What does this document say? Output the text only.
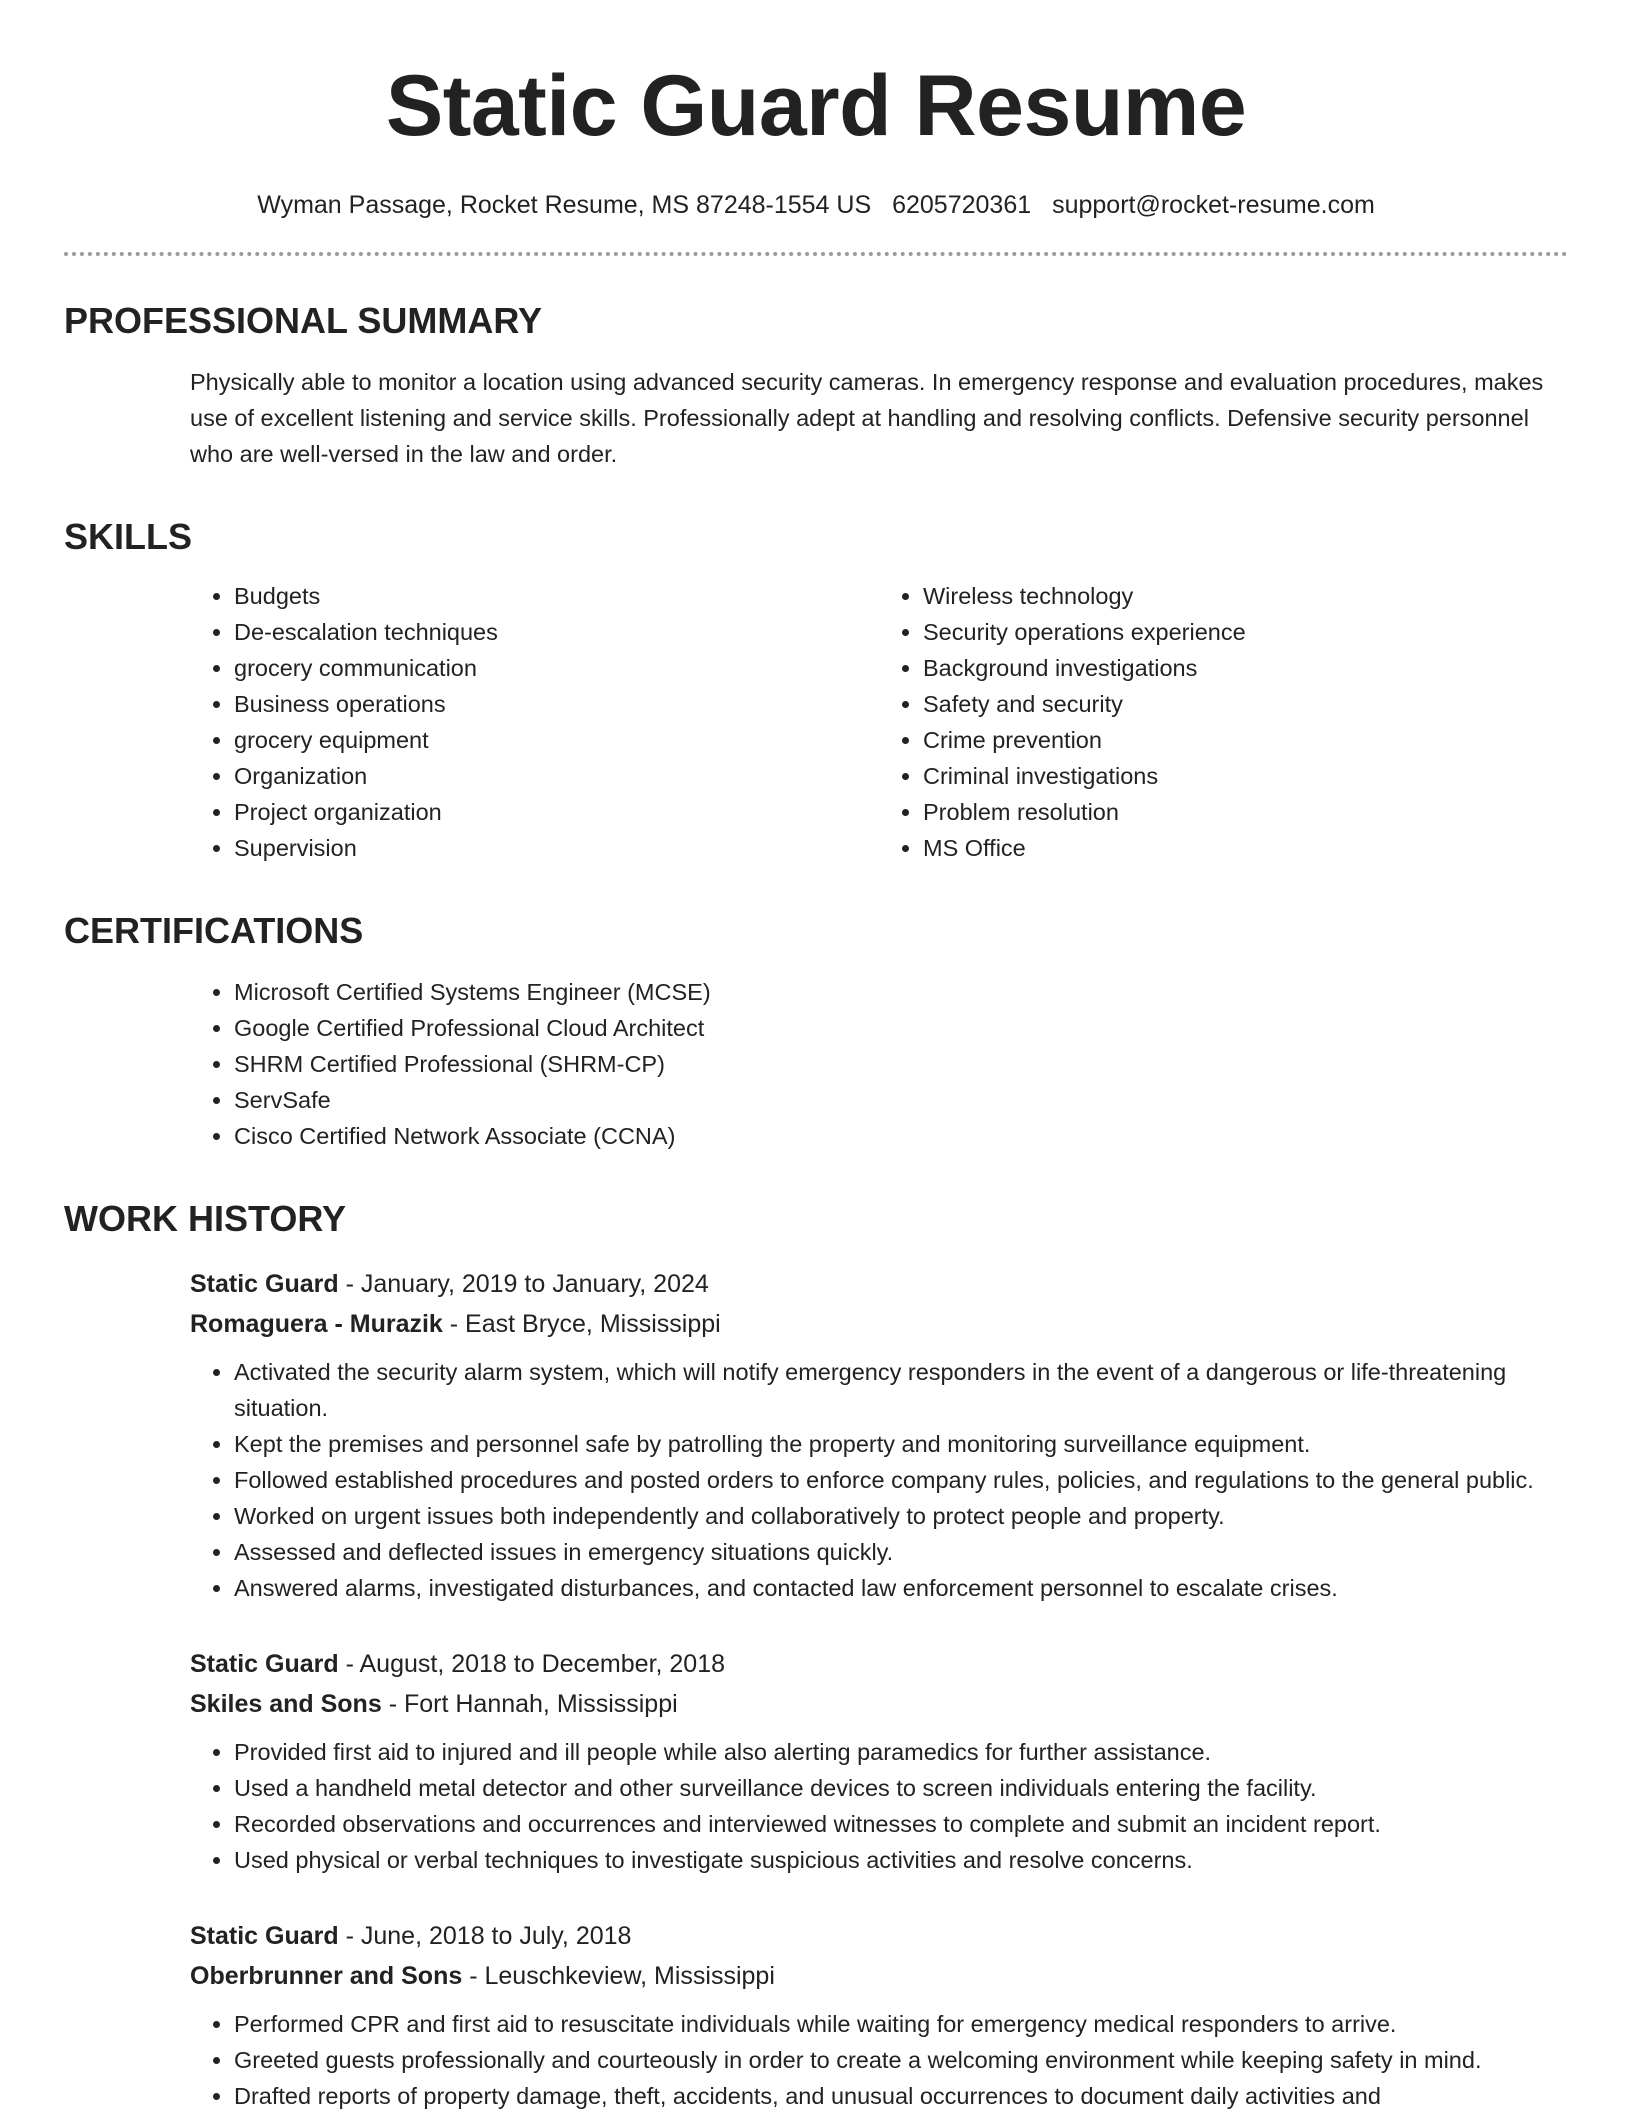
Static Guard Resume
Wyman Passage, Rocket Resume, MS 87248-1554 US 6205720361 support@rocket-resume.com
PROFESSIONAL SUMMARY
Physically able to monitor a location using advanced security cameras. In emergency response and evaluation procedures, makes use of excellent listening and service skills. Professionally adept at handling and resolving conflicts. Defensive security personnel who are well-versed in the law and order.
SKILLS
• Budgets
• De-escalation techniques
• grocery communication
• Business operations
• grocery equipment
• Organization
• Project organization
• Supervision
• Wireless technology
• Security operations experience
• Background investigations
• Safety and security
• Crime prevention
• Criminal investigations
• Problem resolution
• MS Office
CERTIFICATIONS
• Microsoft Certified Systems Engineer (MCSE)
• Google Certified Professional Cloud Architect
• SHRM Certified Professional (SHRM-CP)
• ServSafe
• Cisco Certified Network Associate (CCNA)
WORK HISTORY
Static Guard - January, 2019 to January, 2024
Romaguera - Murazik - East Bryce, Mississippi
• Activated the security alarm system, which will notify emergency responders in the event of a dangerous or life-threatening situation.
• Kept the premises and personnel safe by patrolling the property and monitoring surveillance equipment.
• Followed established procedures and posted orders to enforce company rules, policies, and regulations to the general public.
• Worked on urgent issues both independently and collaboratively to protect people and property.
• Assessed and deflected issues in emergency situations quickly.
• Answered alarms, investigated disturbances, and contacted law enforcement personnel to escalate crises.
Static Guard - August, 2018 to December, 2018
Skiles and Sons - Fort Hannah, Mississippi
• Provided first aid to injured and ill people while also alerting paramedics for further assistance.
• Used a handheld metal detector and other surveillance devices to screen individuals entering the facility.
• Recorded observations and occurrences and interviewed witnesses to complete and submit an incident report.
• Used physical or verbal techniques to investigate suspicious activities and resolve concerns.
Static Guard - June, 2018 to July, 2018
Oberbrunner and Sons - Leuschkeview, Mississippi
• Performed CPR and first aid to resuscitate individuals while waiting for emergency medical responders to arrive.
• Greeted guests professionally and courteously in order to create a welcoming environment while keeping safety in mind.
• Drafted reports of property damage, theft, accidents, and unusual occurrences to document daily activities and
